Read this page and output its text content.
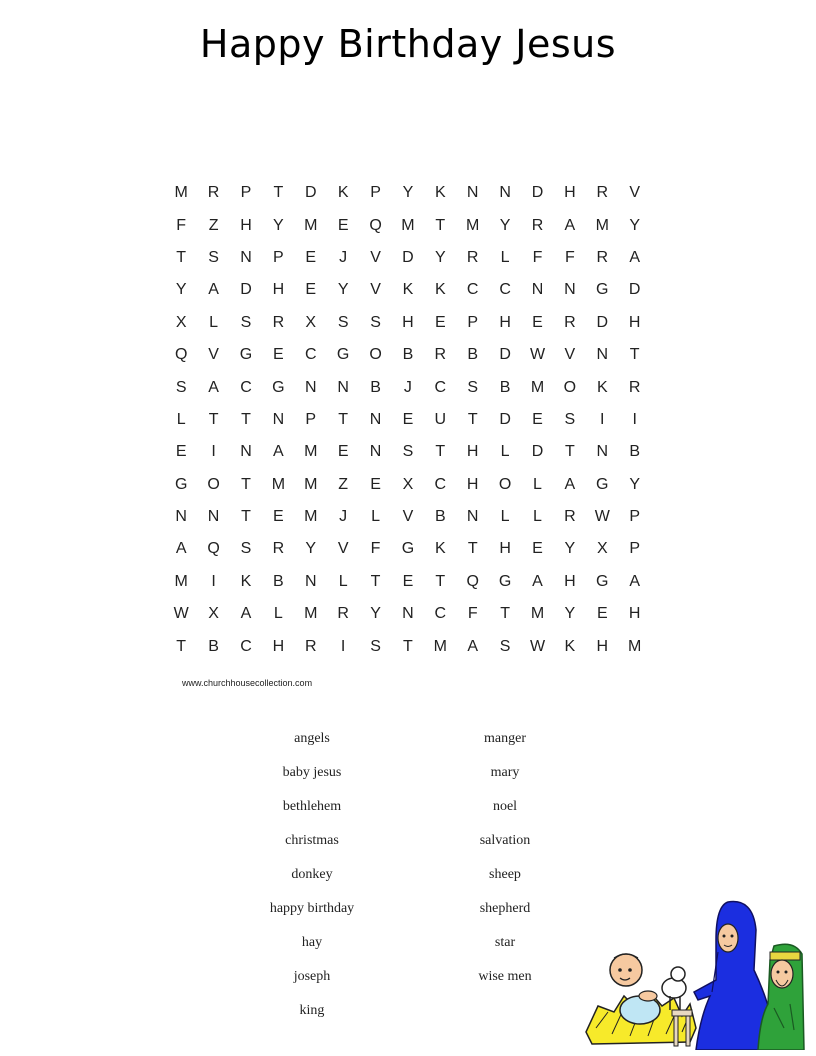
Happy Birthday Jesus
M	R	P	T	D	K	P	Y	K	N	N	D	H	R	V
F	Z	H	Y	M	E	Q	M	T	M	Y	R	A	M	Y
T	S	N	P	E	J	V	D	Y	R	L	F	F	R	A
Y	A	D	H	E	Y	V	K	K	C	C	N	N	G	D
X	L	S	R	X	S	S	H	E	P	H	E	R	D	H
Q	V	G	E	C	G	O	B	R	B	D	W	V	N	T
S	A	C	G	N	N	B	J	C	S	B	M	O	K	R
L	T	T	N	P	T	N	E	U	T	D	E	S	I	I
E	I	N	A	M	E	N	S	T	H	L	D	T	N	B
G	O	T	M	M	Z	E	X	C	H	O	L	A	G	Y
N	N	T	E	M	J	L	V	B	N	L	L	R	W	P
A	Q	S	R	Y	V	F	G	K	T	H	E	Y	X	P
M	I	K	B	N	L	T	E	T	Q	G	A	H	G	A
W	X	A	L	M	R	Y	N	C	F	T	M	Y	E	H
T	B	C	H	R	I	S	T	M	A	S	W	K	H	M
www.churchhousecollection.com
angels
baby jesus
bethlehem
christmas
donkey
happy birthday
hay
joseph
king
manger
mary
noel
salvation
sheep
shepherd
star
wise men
